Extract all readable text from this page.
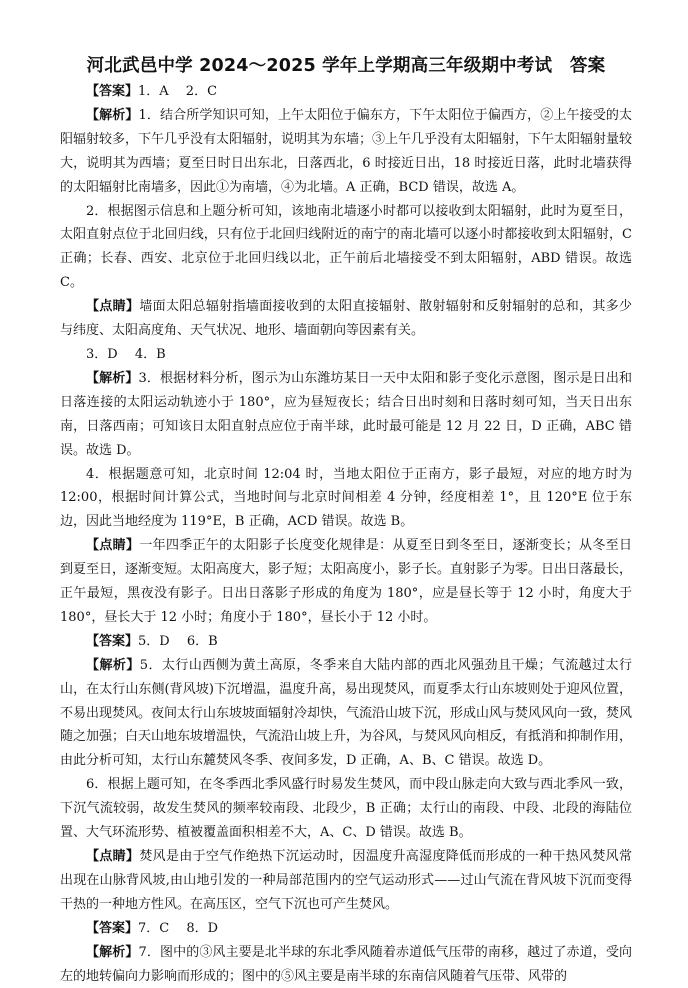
河北武邑中学 2024～2025 学年上学期高三年级期中考试　答案

【答案】1．A　 2．C

【解析】1．结合所学知识可知，上午太阳位于偏东方，下午太阳位于偏西方，②上午接受的太阳辐射较多，下午几乎没有太阳辐射，说明其为东墙；③上午几乎没有太阳辐射，下午太阳辐射量较大，说明其为西墙；夏至日时日出东北，日落西北，6 时接近日出，18 时接近日落，此时北墙获得的太阳辐射比南墙多，因此①为南墙，④为北墙。A 正确，BCD 错误，故选 A。

2．根据图示信息和上题分析可知，该地南北墙逐小时都可以接收到太阳辐射，此时为夏至日，太阳直射点位于北回归线，只有位于北回归线附近的南宁的南北墙可以逐小时都接收到太阳辐射，C 正确；长春、西安、北京位于北回归线以北，正午前后北墙接受不到太阳辐射，ABD 错误。故选 C。

【点睛】墙面太阳总辐射指墙面接收到的太阳直接辐射、散射辐射和反射辐射的总和，其多少与纬度、太阳高度角、天气状况、地形、墙面朝向等因素有关。

3．D　 4．B

【解析】3．根据材料分析，图示为山东潍坊某日一天中太阳和影子变化示意图，图示是日出和日落连接的太阳运动轨迹小于 180°，应为昼短夜长；结合日出时刻和日落时刻可知，当天日出东南，日落西南；可知该日太阳直射点应位于南半球，此时最可能是 12 月 22 日，D 正确，ABC 错误。故选 D。

4．根据题意可知，北京时间 12:04 时，当地太阳位于正南方，影子最短，对应的地方时为 12:00，根据时间计算公式，当地时间与北京时间相差 4 分钟，经度相差 1°，且 120°E 位于东边，因此当地经度为 119°E，B 正确，ACD 错误。故选 B。

【点睛】一年四季正午的太阳影子长度变化规律是：从夏至日到冬至日，逐渐变长；从冬至日到夏至日，逐渐变短。太阳高度大，影子短；太阳高度小，影子长。直射影子为零。日出日落最长，正午最短，黑夜没有影子。日出日落影子形成的角度为 180°，应是昼长等于 12 小时，角度大于 180°，昼长大于 12 小时；角度小于 180°，昼长小于 12 小时。

【答案】5．D　 6．B

【解析】5．太行山西侧为黄土高原，冬季来自大陆内部的西北风强劲且干燥；气流越过太行山，在太行山东侧(背风坡)下沉增温，温度升高，易出现焚风，而夏季太行山东坡则处于迎风位置，不易出现焚风。夜间太行山东坡坡面辐射冷却快，气流沿山坡下沉，形成山风与焚风风向一致，焚风随之加强；白天山地东坡增温快，气流沿山坡上升，为谷风，与焚风风向相反，有抵消和抑制作用，由此分析可知，太行山东麓焚风冬季、夜间多发，D 正确，A、B、C 错误。故选 D。

6．根据上题可知，在冬季西北季风盛行时易发生焚风，而中段山脉走向大致与西北季风一致，下沉气流较弱，故发生焚风的频率较南段、北段少，B 正确；太行山的南段、中段、北段的海陆位置、大气环流形势、植被覆盖面积相差不大，A、C、D 错误。故选 B。

【点睛】焚风是由于空气作绝热下沉运动时，因温度升高湿度降低而形成的一种干热风焚风常出现在山脉背风坡,由山地引发的一种局部范围内的空气运动形式——过山气流在背风坡下沉而变得干热的一种地方性风。在高压区，空气下沉也可产生焚风。

【答案】7．C　 8．D

【解析】7．图中的③风主要是北半球的东北季风随着赤道低气压带的南移，越过了赤道，受向左的地转偏向力影响而形成的；图中的⑤风主要是南半球的东南信风随着气压带、风带的
